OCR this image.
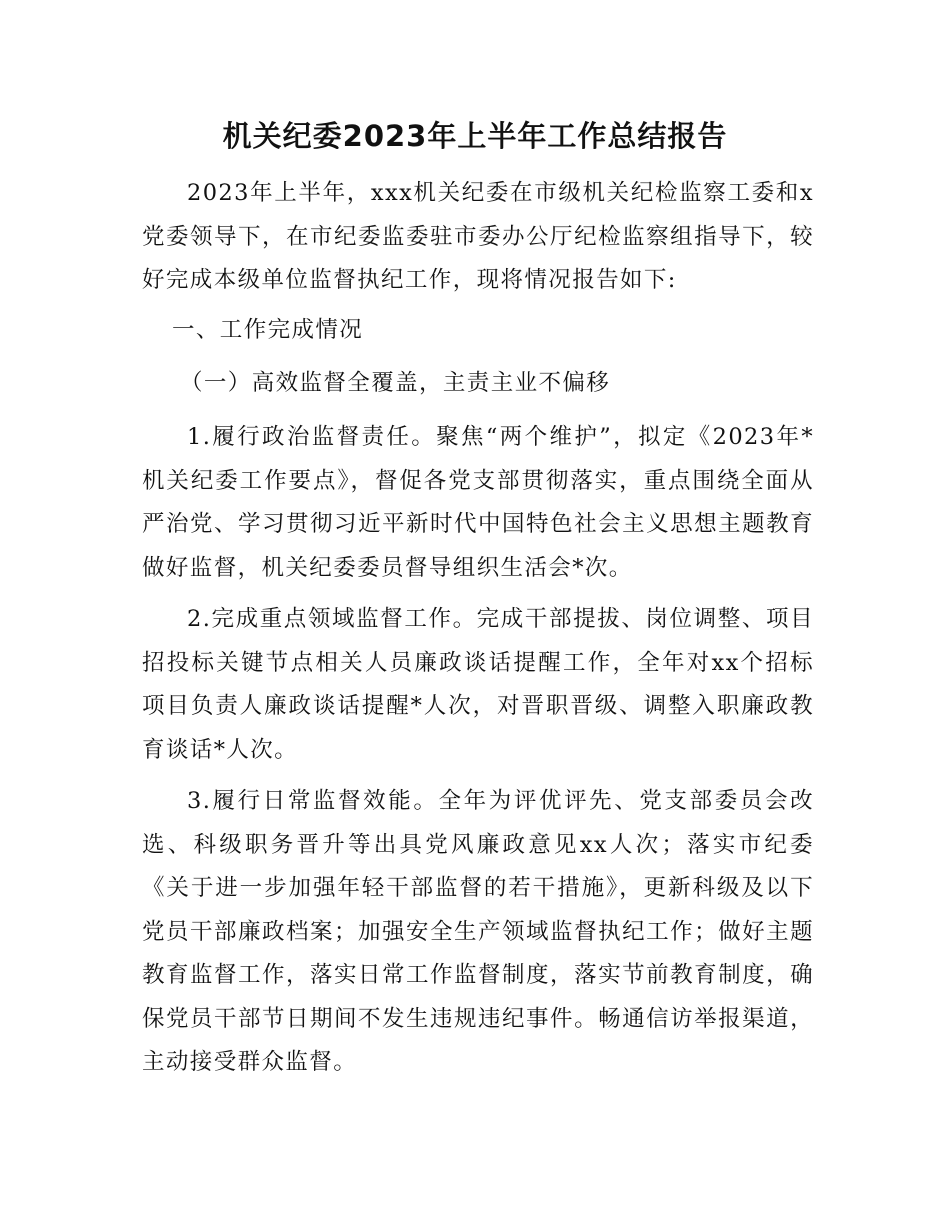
机关纪委2023年上半年工作总结报告

2023年上半年，xxx机关纪委在市级机关纪检监察工委和x党委领导下，在市纪委监委驻市委办公厅纪检监察组指导下，较好完成本级单位监督执纪工作，现将情况报告如下:

一、工作完成情况

（一）高效监督全覆盖，主责主业不偏移

1.履行政治监督责任。聚焦“两个维护”，拟定《2023年*机关纪委工作要点》，督促各党支部贯彻落实，重点围绕全面从严治党、学习贯彻习近平新时代中国特色社会主义思想主题教育做好监督，机关纪委委员督导组织生活会*次。

2.完成重点领域监督工作。完成干部提拔、岗位调整、项目招投标关键节点相关人员廉政谈话提醒工作，全年对xx个招标项目负责人廉政谈话提醒*人次，对晋职晋级、调整入职廉政教育谈话*人次。

3.履行日常监督效能。全年为评优评先、党支部委员会改选、科级职务晋升等出具党风廉政意见xx人次；落实市纪委《关于进一步加强年轻干部监督的若干措施》，更新科级及以下党员干部廉政档案；加强安全生产领域监督执纪工作；做好主题教育监督工作，落实日常工作监督制度，落实节前教育制度，确保党员干部节日期间不发生违规违纪事件。畅通信访举报渠道，主动接受群众监督。
